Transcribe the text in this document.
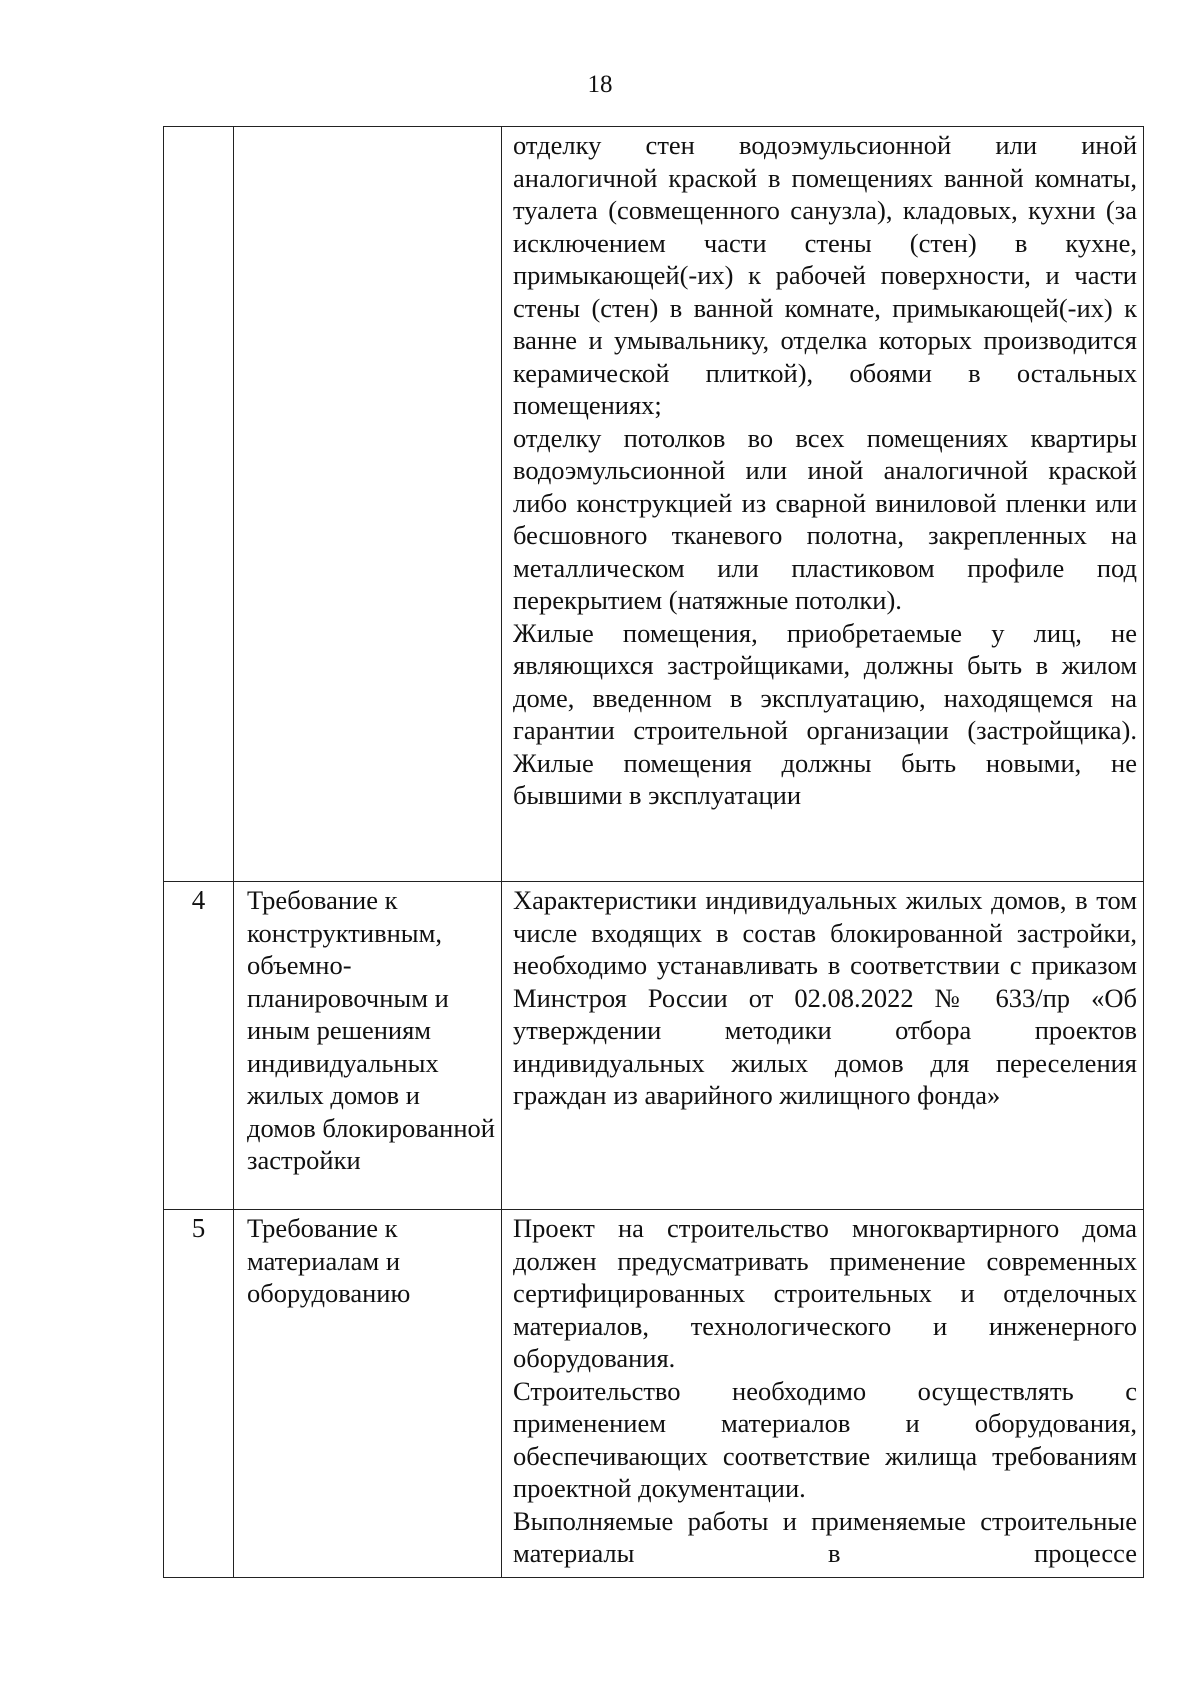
18

		отделку стен водоэмульсионной или иной аналогичной краской в помещениях ванной комнаты, туалета (совмещенного санузла), кладовых, кухни (за исключением части стены (стен) в кухне, примыкающей(-их) к рабочей поверхности, и части стены (стен) в ванной комнате, примыкающей(-их) к ванне и умывальнику, отделка которых производится керамической плиткой), обоями в остальных помещениях;
отделку потолков во всех помещениях квартиры водоэмульсионной или иной аналогичной краской либо конструкцией из сварной виниловой пленки или бесшовного тканевого полотна, закрепленных на металлическом или пластиковом профиле под перекрытием (натяжные потолки).
Жилые помещения, приобретаемые у лиц, не являющихся застройщиками, должны быть в жилом доме, введенном в эксплуатацию, находящемся на гарантии строительной организации (застройщика). Жилые помещения должны быть новыми, не бывшими в эксплуатации

4	Требование к конструктивным, объемно-планировочным и иным решениям индивидуальных жилых домов и домов блокированной застройки	Характеристики индивидуальных жилых домов, в том числе входящих в состав блокированной застройки, необходимо устанавливать в соответствии с приказом Минстроя России от 02.08.2022 № 633/пр «Об утверждении методики отбора проектов индивидуальных жилых домов для переселения граждан из аварийного жилищного фонда»

5	Требование к материалам и оборудованию	Проект на строительство многоквартирного дома должен предусматривать применение современных сертифицированных строительных и отделочных материалов, технологического и инженерного оборудования.
Строительство необходимо осуществлять с применением материалов и оборудования, обеспечивающих соответствие жилища требованиям проектной документации.
Выполняемые работы и применяемые строительные материалы в процессе
